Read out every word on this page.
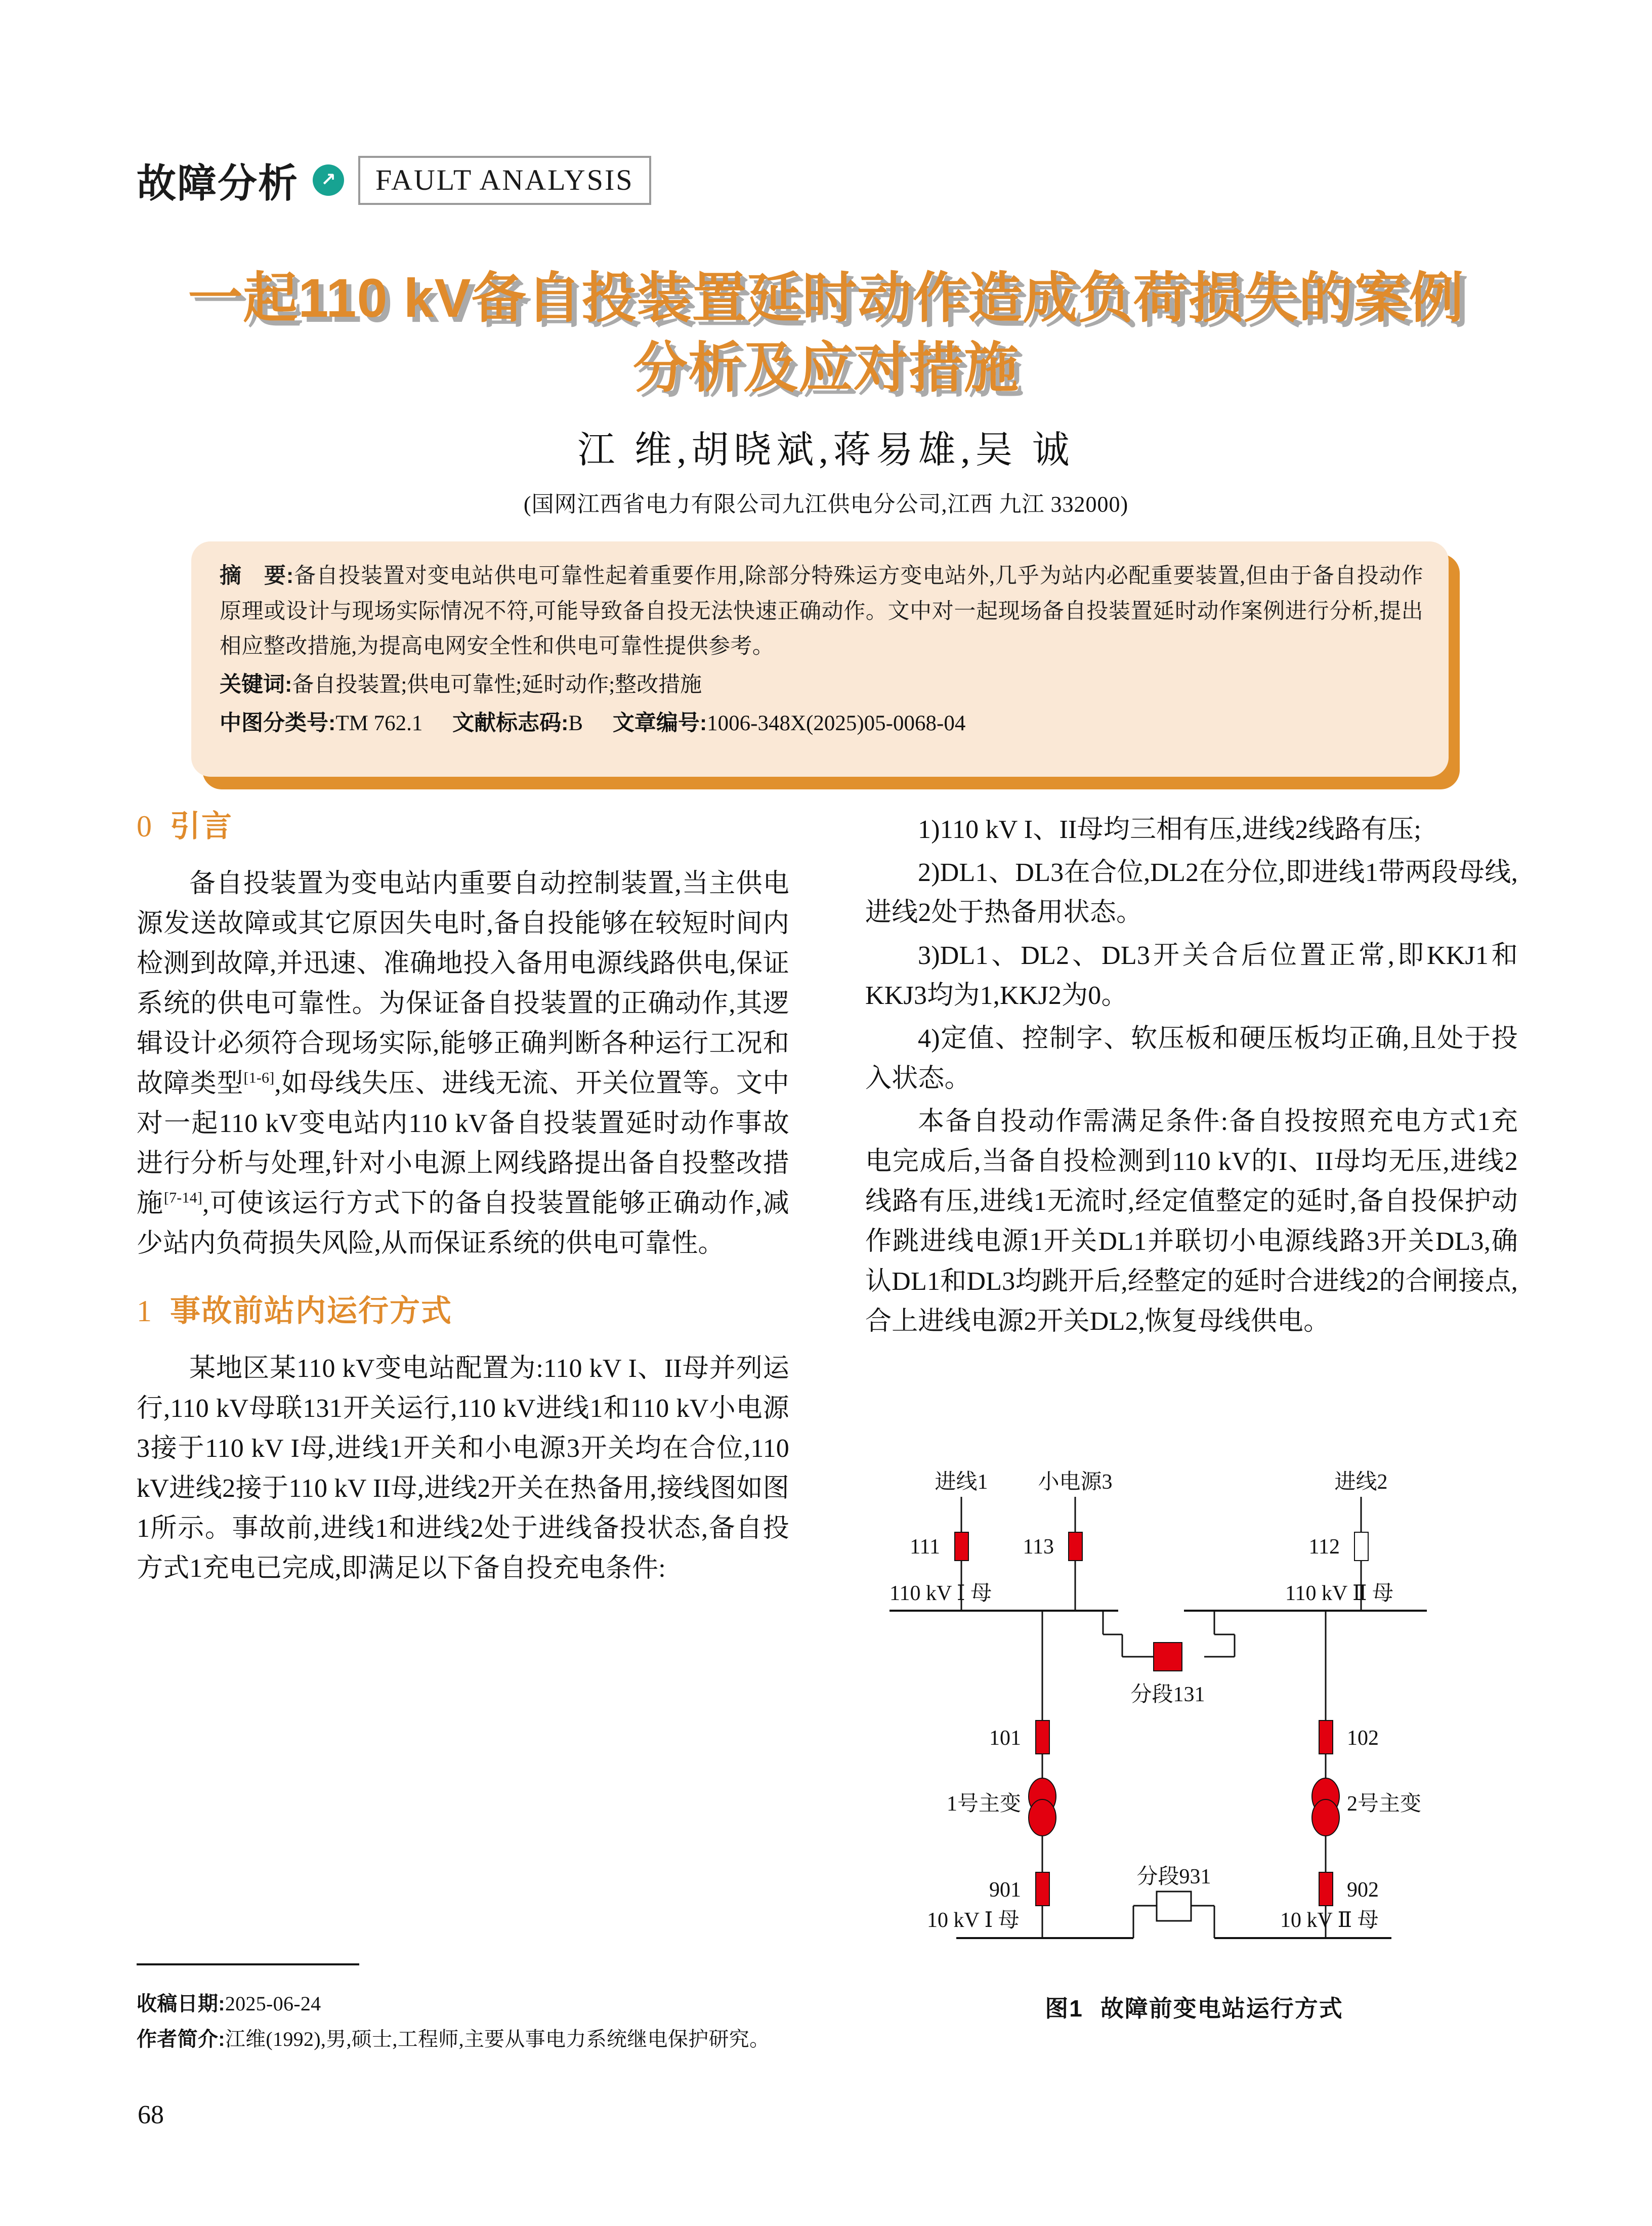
故障分析	↗	FAULT ANALYSIS
一起110 kV备自投装置延时动作造成负荷损失的案例
分析及应对措施
江 维,胡晓斌,蒋易雄,吴 诚
(国网江西省电力有限公司九江供电分公司,江西 九江 332000)
摘　要:备自投装置对变电站供电可靠性起着重要作用,除部分特殊运方变电站外,几乎为站内必配重要装置,但由于备自投动作原理或设计与现场实际情况不符,可能导致备自投无法快速正确动作。文中对一起现场备自投装置延时动作案例进行分析,提出相应整改措施,为提高电网安全性和供电可靠性提供参考。
关键词:备自投装置;供电可靠性;延时动作;整改措施
中图分类号:TM 762.1 文献标志码:B 文章编号:1006-348X(2025)05-0068-04
0 引言

备自投装置为变电站内重要自动控制装置,当主供电源发送故障或其它原因失电时,备自投能够在较短时间内检测到故障,并迅速、准确地投入备用电源线路供电,保证系统的供电可靠性。为保证备自投装置的正确动作,其逻辑设计必须符合现场实际,能够正确判断各种运行工况和故障类型[1-6],如母线失压、进线无流、开关位置等。文中对一起110 kV变电站内110 kV备自投装置延时动作事故进行分析与处理,针对小电源上网线路提出备自投整改措施[7-14],可使该运行方式下的备自投装置能够正确动作,减少站内负荷损失风险,从而保证系统的供电可靠性。

1 事故前站内运行方式

某地区某110 kV变电站配置为:110 kV I、II母并列运行,110 kV母联131开关运行,110 kV进线1和110 kV小电源3接于110 kV I母,进线1开关和小电源3开关均在合位,110 kV进线2接于110 kV II母,进线2开关在热备用,接线图如图1所示。事故前,进线1和进线2处于进线备投状态,备自投方式1充电已完成,即满足以下备自投充电条件:

1)110 kV I、II母均三相有压,进线2线路有压;

2)DL1、DL3在合位,DL2在分位,即进线1带两段母线,进线2处于热备用状态。

3)DL1、DL2、DL3开关合后位置正常,即KKJ1和KKJ3均为1,KKJ2为0。

4)定值、控制字、软压板和硬压板均正确,且处于投入状态。

本备自投动作需满足条件:备自投按照充电方式1充电完成后,当备自投检测到110 kV的I、II母均无压,进线2线路有压,进线1无流时,经定值整定的延时,备自投保护动作跳进线电源1开关DL1并联切小电源线路3开关DL3,确认DL1和DL3均跳开后,经整定的延时合进线2的合闸接点,合上进线电源2开关DL2,恢复母线供电。

进线1 小电源3	进线2
111	113	112
110 kV Ⅰ 母	110 kV Ⅱ 母
分段131
101
1号主变
901
102
2号主变
902
10 kV Ⅰ 母	10 kV Ⅱ 母
分段931
图1 故障前变电站运行方式
收稿日期:2025-06-24
作者简介:江维(1992),男,硕士,工程师,主要从事电力系统继电保护研究。
68
